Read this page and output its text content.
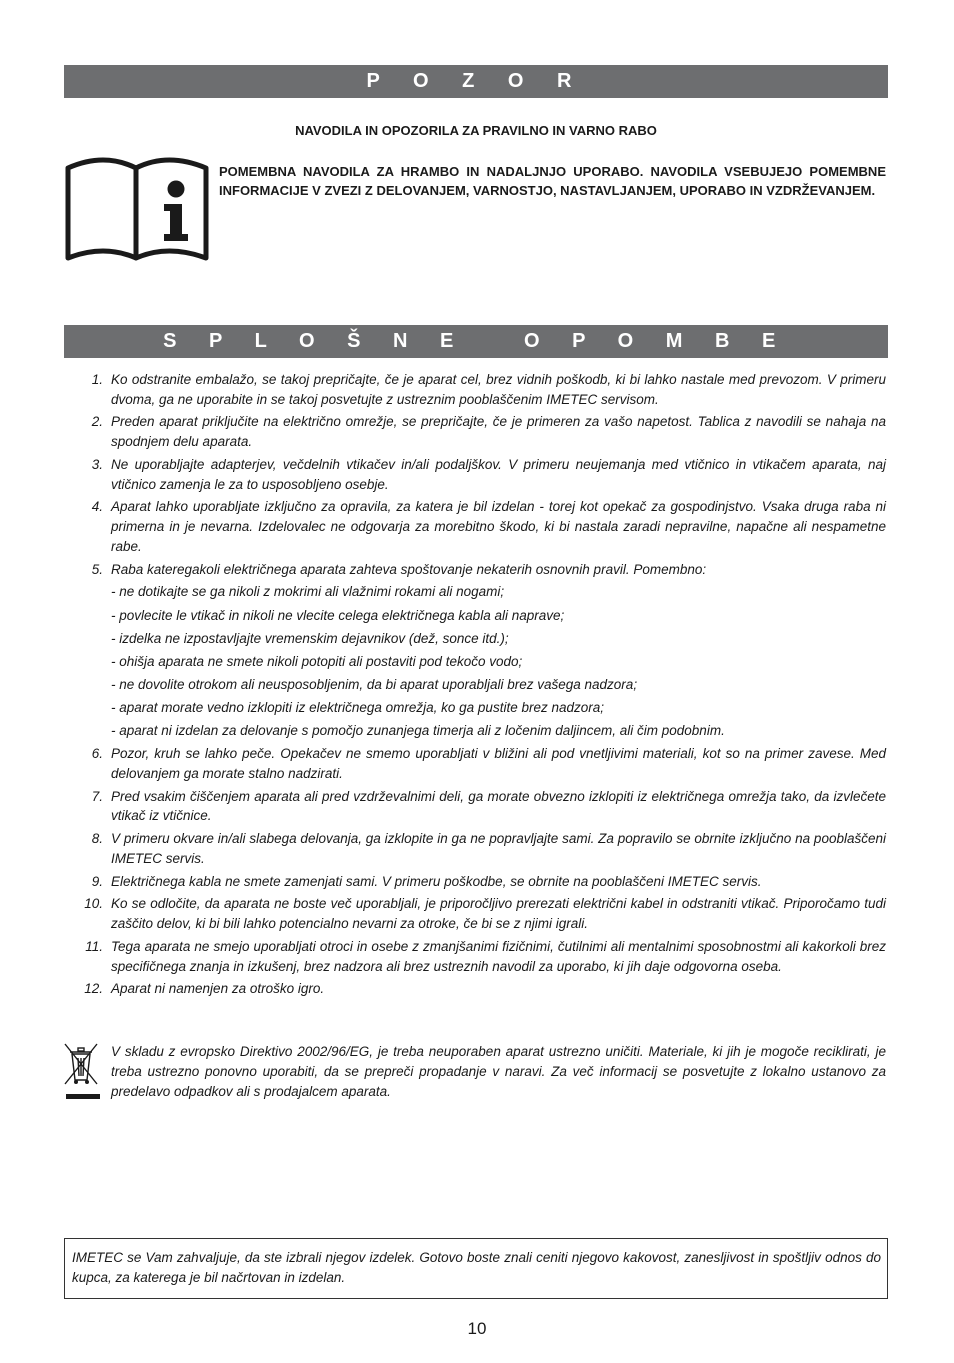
P O Z O R
NAVODILA IN OPOZORILA ZA PRAVILNO IN VARNO RABO
POMEMBNA NAVODILA ZA HRAMBO IN NADALJNJO UPORABO. NAVODILA VSEBUJEJO POMEMBNE INFORMACIJE V ZVEZI Z DELOVANJEM, VARNOSTJO, NASTAVLJANJEM, UPORABO IN VZDRŽEVANJEM.
S P L O Š N E   O P O M B E
1. Ko odstranite embalažo, se takoj prepričajte, če je aparat cel, brez vidnih poškodb, ki bi lahko nastale med prevozom. V primeru dvoma, ga ne uporabite in se takoj posvetujte z ustreznim pooblaščenim IMETEC servisom.
2. Preden aparat priključite na električno omrežje, se prepričajte, če je primeren za vašo napetost. Tablica z navodili se nahaja na spodnjem delu aparata.
3. Ne uporabljajte adapterjev, večdelnih vtikačev in/ali podaljškov. V primeru neujemanja med vtičnico in vtikačem aparata, naj vtičnico zamenja le za to usposobljeno osebje.
4. Aparat lahko uporabljate izključno za opravila, za katera je bil izdelan - torej kot opekač za gospodinjstvo. Vsaka druga raba ni primerna in je nevarna. Izdelovalec ne odgovarja za morebitno škodo, ki bi nastala zaradi nepravilne, napačne ali nespametne rabe.
5. Raba kateregakoli električnega aparata zahteva spoštovanje nekaterih osnovnih pravil. Pomembno:
- ne dotikajte se ga nikoli z mokrimi ali vlažnimi rokami ali nogami;
- povlecite le vtikač in nikoli ne vlecite celega električnega kabla ali naprave;
- izdelka ne izpostavljajte vremenskim dejavnikov (dež, sonce itd.);
- ohišja aparata ne smete nikoli potopiti ali postaviti pod tekočo vodo;
- ne dovolite otrokom ali neusposobljenim, da bi aparat uporabljali brez vašega nadzora;
- aparat morate vedno izklopiti iz električnega omrežja, ko ga pustite brez nadzora;
- aparat ni izdelan za delovanje s pomočjo zunanjega timerja ali z ločenim daljincem, ali čim podobnim.
6. Pozor, kruh se lahko peče. Opekačev ne smemo uporabljati v bližini ali pod vnetljivimi materiali, kot so na primer zavese. Med delovanjem ga morate stalno nadzirati.
7. Pred vsakim čiščenjem aparata ali pred vzdrževalnimi deli, ga morate obvezno izklopiti iz električnega omrežja tako, da izvlečete vtikač iz vtičnice.
8. V primeru okvare in/ali slabega delovanja, ga izklopite in ga ne popravljajte sami. Za popravilo se obrnite izključno na pooblaščeni IMETEC servis.
9. Električnega kabla ne smete zamenjati sami. V primeru poškodbe, se obrnite na pooblaščeni IMETEC servis.
10. Ko se odločite, da aparata ne boste več uporabljali, je priporočljivo prerezati električni kabel in odstraniti vtikač. Priporočamo tudi zaščito delov, ki bi bili lahko potencialno nevarni za otroke, če bi se z njimi igrali.
11. Tega aparata ne smejo uporabljati otroci in osebe z zmanjšanimi fizičnimi, čutilnimi ali mentalnimi sposobnostmi ali kakorkoli brez specifičnega znanja in izkušenj, brez nadzora ali brez ustreznih navodil za uporabo, ki jih daje odgovorna oseba.
12. Aparat ni namenjen za otroško igro.
V skladu z evropsko Direktivo 2002/96/EG, je treba neuporaben aparat ustrezno uničiti. Materiale, ki jih je mogoče reciklirati, je treba ustrezno ponovno uporabiti, da se prepreči propadanje v naravi. Za več informacij se posvetujte z lokalno ustanovo za predelavo odpadkov ali s prodajalcem aparata.
IMETEC se Vam zahvaljuje, da ste izbrali njegov izdelek. Gotovo boste znali ceniti njegovo kakovost, zanesljivost in spoštljiv odnos do kupca, za katerega je bil načrtovan in izdelan.
10
